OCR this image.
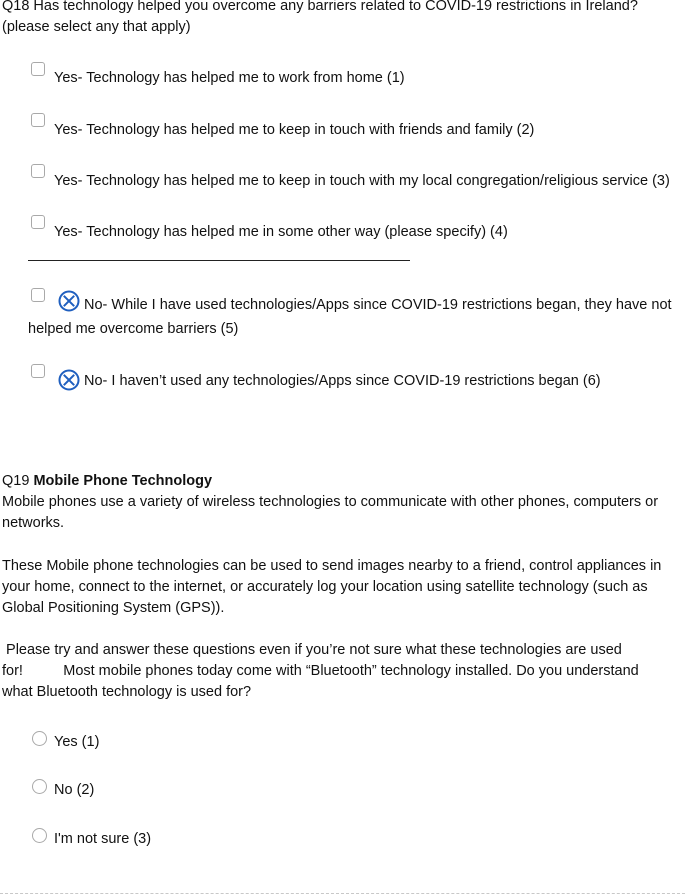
Q18 Has technology helped you overcome any barriers related to COVID-19 restrictions in Ireland?
(please select any that apply)
Yes- Technology has helped me to work from home (1)
Yes- Technology has helped me to keep in touch with friends and family (2)
Yes- Technology has helped me to keep in touch with my local congregation/religious service (3)
Yes- Technology has helped me in some other way (please specify) (4)
No- While I have used technologies/Apps since COVID-19 restrictions began, they have not
helped me overcome barriers (5)
No- I haven’t used any technologies/Apps since COVID-19 restrictions began (6)
Q19 Mobile Phone Technology
Mobile phones use a variety of wireless technologies to communicate with other phones, computers or
networks.
These Mobile phone technologies can be used to send images nearby to a friend, control appliances in
your home, connect to the internet, or accurately log your location using satellite technology (such as
Global Positioning System (GPS)).
Please try and answer these questions even if you’re not sure what these technologies are used
for!          Most mobile phones today come with “Bluetooth” technology installed. Do you understand
what Bluetooth technology is used for?
Yes (1)
No (2)
I'm not sure (3)
